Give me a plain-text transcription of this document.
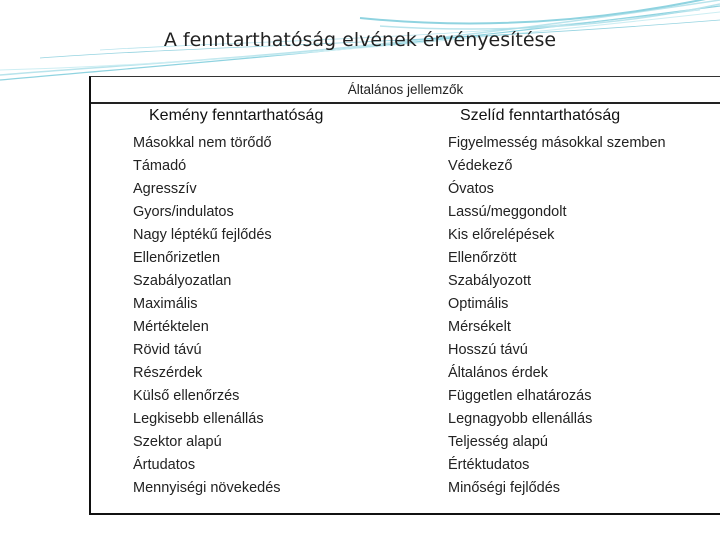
A fenntarthatóság elvének érvényesítése
Általános jellemzők
Kemény fenntarthatóság	Szelíd fenntarthatóság
Másokkal nem törődő
Támadó
Agresszív
Gyors/indulatos
Nagy léptékű fejlődés
Ellenőrizetlen
Szabályozatlan
Maximális
Mértéktelen
Rövid távú
Részérdek
Külső ellenőrzés
Legkisebb ellenállás
Szektor alapú
Ártudatos
Mennyiségi növekedés
Figyelmesség másokkal szemben
Védekező
Óvatos
Lassú/meggondolt
Kis előrelépések
Ellenőrzött
Szabályozott
Optimális
Mérsékelt
Hosszú távú
Általános érdek
Független elhatározás
Legnagyobb ellenállás
Teljesség alapú
Értéktudatos
Minőségi fejlődés
